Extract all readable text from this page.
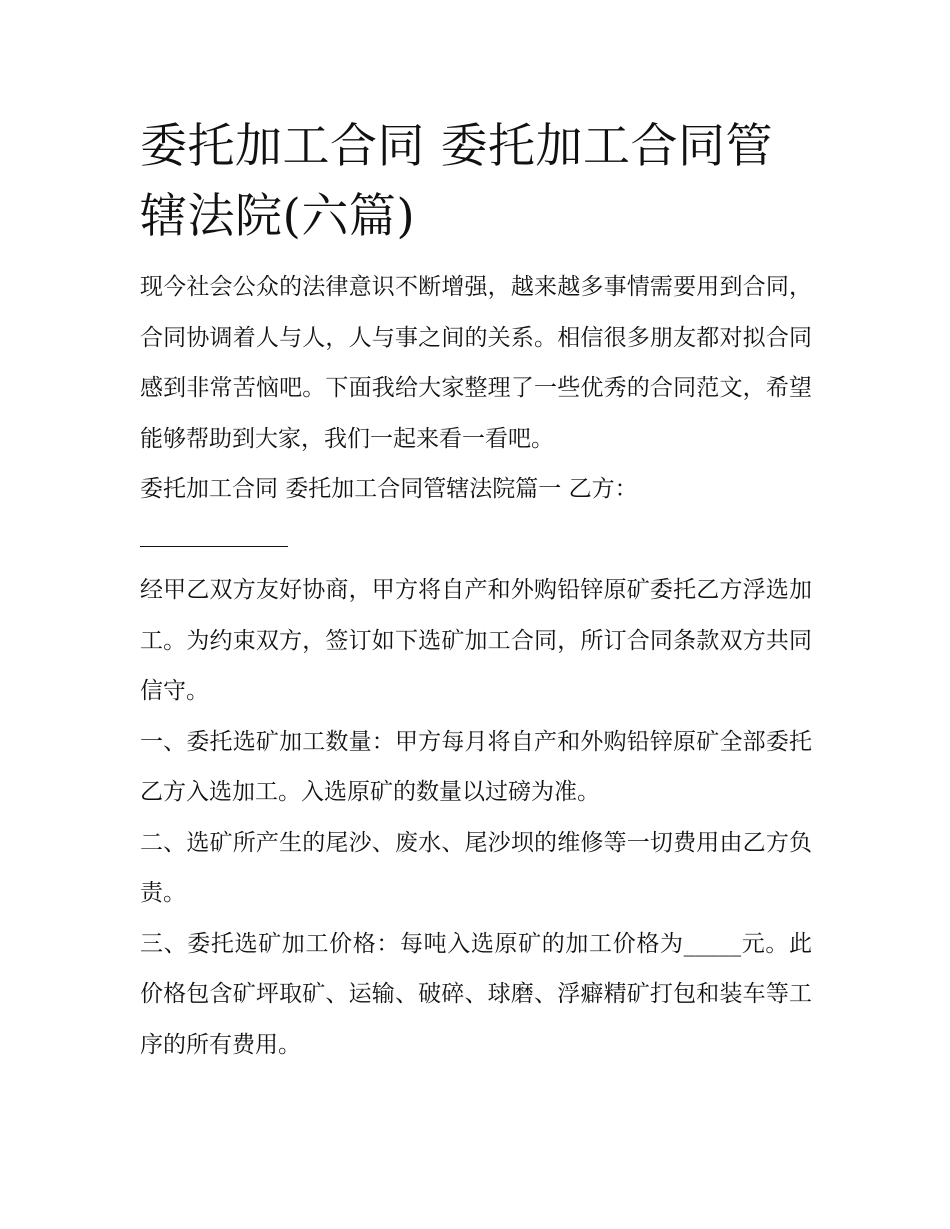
委托加工合同 委托加工合同管辖法院(六篇)

现今社会公众的法律意识不断增强，越来越多事情需要用到合同，合同协调着人与人，人与事之间的关系。相信很多朋友都对拟合同感到非常苦恼吧。下面我给大家整理了一些优秀的合同范文，希望能够帮助到大家，我们一起来看一看吧。

委托加工合同 委托加工合同管辖法院篇一 乙方：

经甲乙双方友好协商，甲方将自产和外购铅锌原矿委托乙方浮选加工。为约束双方，签订如下选矿加工合同，所订合同条款双方共同信守。

一、委托选矿加工数量：甲方每月将自产和外购铅锌原矿全部委托乙方入选加工。入选原矿的数量以过磅为准。

二、选矿所产生的尾沙、废水、尾沙坝的维修等一切费用由乙方负责。

三、委托选矿加工价格：每吨入选原矿的加工价格为_____元。此价格包含矿坪取矿、运输、破碎、球磨、浮癖精矿打包和装车等工序的所有费用。
